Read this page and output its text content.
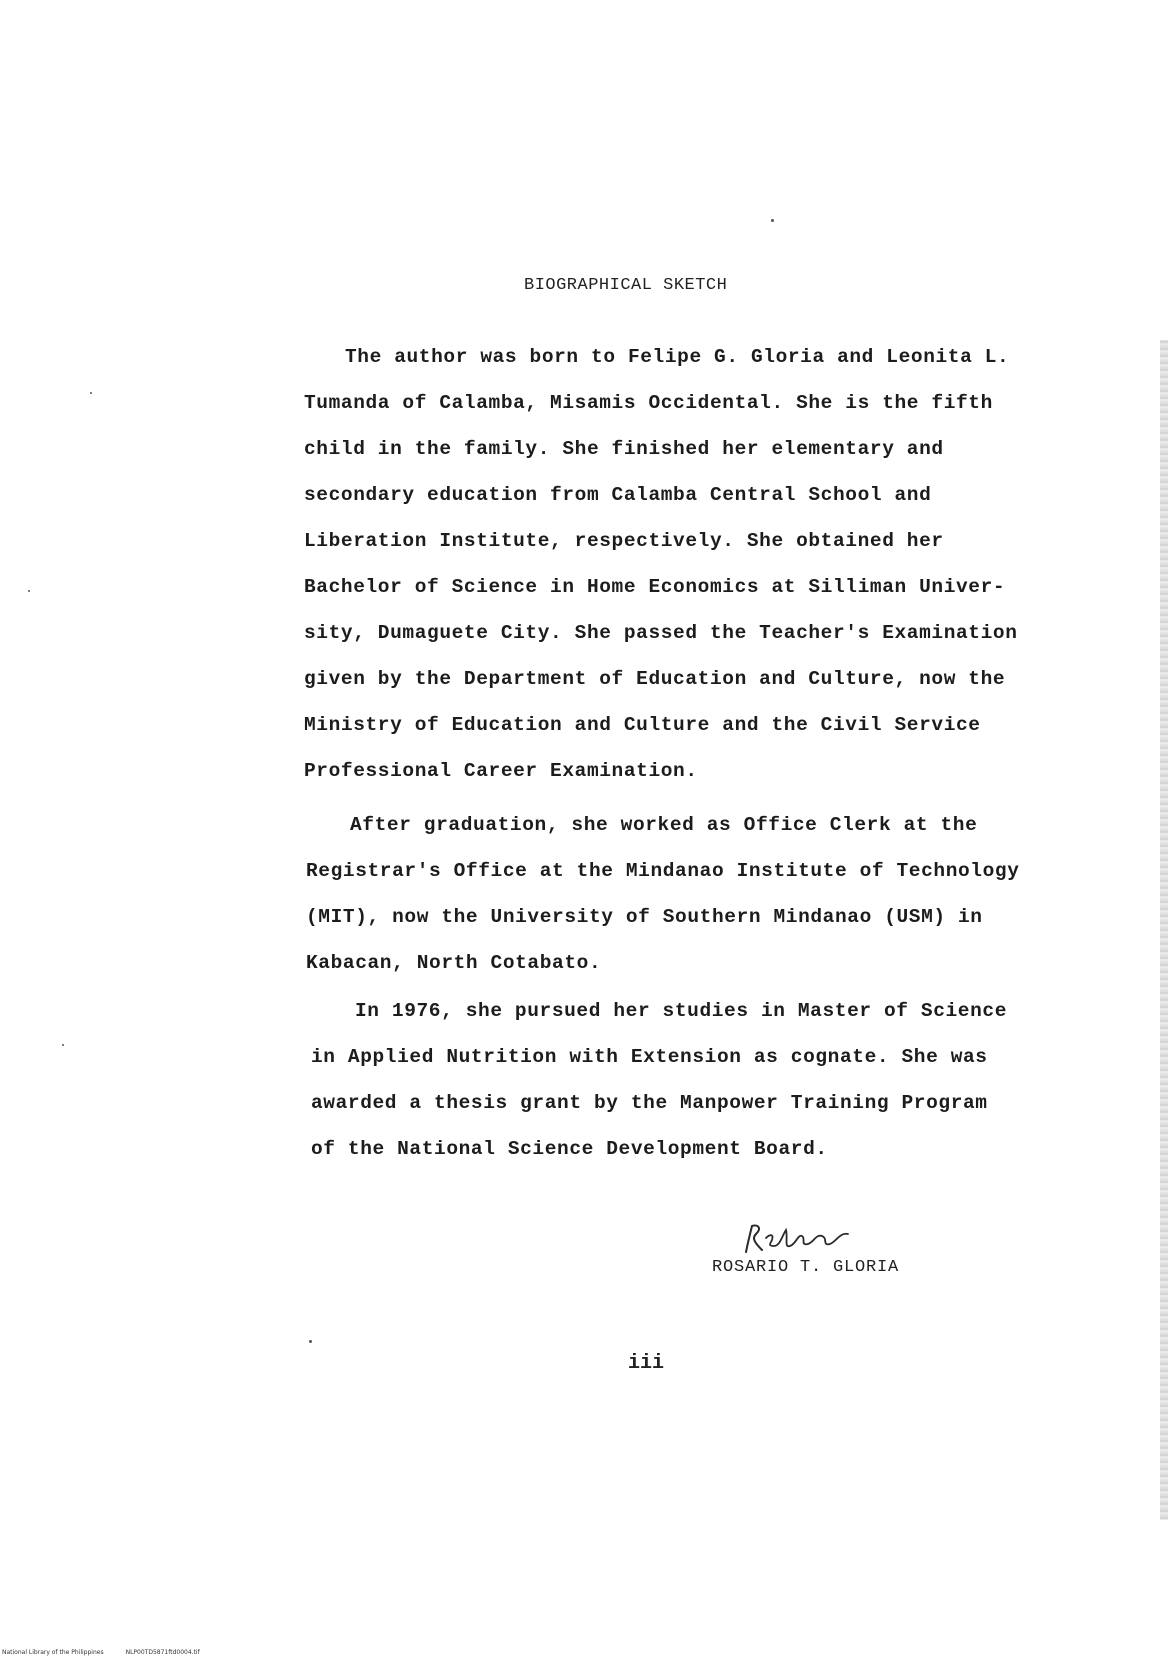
BIOGRAPHICAL SKETCH
The author was born to Felipe G. Gloria and Leonita L.
Tumanda of Calamba, Misamis Occidental. She is the fifth
child in the family. She finished her elementary and
secondary education from Calamba Central School and
Liberation Institute, respectively. She obtained her
Bachelor of Science in Home Economics at Silliman Univer-
sity, Dumaguete City. She passed the Teacher's Examination
given by the Department of Education and Culture, now the
Ministry of Education and Culture and the Civil Service
Professional Career Examination.
After graduation, she worked as Office Clerk at the
Registrar's Office at the Mindanao Institute of Technology
(MIT), now the University of Southern Mindanao (USM) in
Kabacan, North Cotabato.
In 1976, she pursued her studies in Master of Science
in Applied Nutrition with Extension as cognate. She was
awarded a thesis grant by the Manpower Training Program
of the National Science Development Board.
ROSARIO T. GLORIA
iii
National Library of the Philippines	NLP00TD5871ftd0004.tif
